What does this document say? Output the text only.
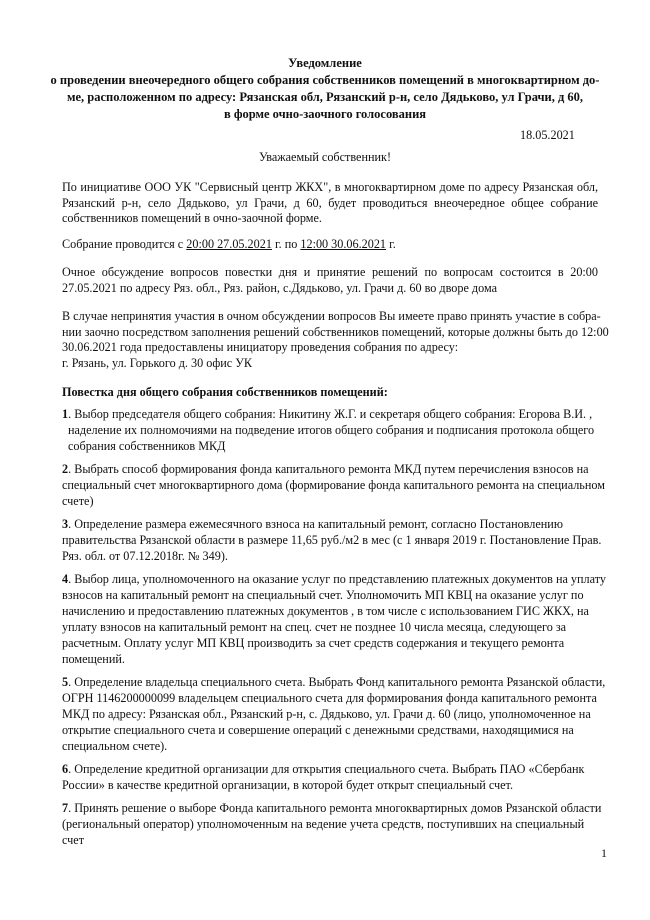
Уведомление
о проведении внеочередного общего собрания собственников помещений в многоквартирном до-
ме, расположенном по адресу: Рязанская обл, Рязанский р-н, село Дядьково, ул Грачи, д 60,
в форме очно-заочного голосования
18.05.2021
Уважаемый собственник!
По инициативе ООО УК "Сервисный центр ЖКХ", в многоквартирном доме по адресу Рязанская обл,
Рязанский р-н, село Дядьково, ул Грачи, д 60, будет проводиться внеочередное общее собрание
собственников помещений в очно-заочной форме.
Собрание проводится с 20:00 27.05.2021 г. по 12:00 30.06.2021 г.
Очное обсуждение вопросов повестки дня и принятие решений по вопросам состоится в 20:00
27.05.2021 по адресу Ряз. обл., Ряз. район, с.Дядьково, ул. Грачи д. 60 во дворе дома
В случае непринятия участия в очном обсуждении вопросов Вы имеете право принять участие в собра-
нии заочно посредством заполнения решений собственников помещений, которые должны быть до 12:00
30.06.2021 года предоставлены инициатору проведения собрания по адресу:
г. Рязань, ул. Горького д. 30 офис УК
Повестка дня общего собрания собственников помещений:
1. Выбор председателя общего собрания: Никитину Ж.Г. и секретаря общего собрания: Егорова В.И. ,
наделение их полномочиями на подведение итогов общего собрания и подписания протокола общего
собрания собственников МКД
2. Выбрать способ формирования фонда капитального ремонта МКД путем перечисления взносов на
специальный счет многоквартирного дома (формирование фонда капитального ремонта на специальном
счете)
3. Определение размера ежемесячного взноса на капитальный ремонт, согласно Постановлению
правительства Рязанской области в размере 11,65 руб./м2 в мес (с 1 января 2019 г. Постановление Прав.
Ряз. обл. от 07.12.2018г. № 349).
4. Выбор лица, уполномоченного на оказание услуг по представлению платежных документов на уплату
взносов на капитальный ремонт на специальный счет. Уполномочить МП КВЦ на оказание услуг по
начислению и предоставлению платежных документов , в том числе с использованием ГИС ЖКХ, на
уплату взносов на капитальный ремонт на спец. счет не позднее 10 числа месяца, следующего за
расчетным. Оплату услуг МП КВЦ производить за счет средств содержания и текущего ремонта
помещений.
5. Определение владельца специального счета. Выбрать Фонд капитального ремонта Рязанской области,
ОГРН 1146200000099 владельцем специального счета для формирования фонда капитального ремонта
МКД по адресу: Рязанская обл., Рязанский р-н, с. Дядьково, ул. Грачи д. 60 (лицо, уполномоченное на
открытие специального счета и совершение операций с денежными средствами, находящимися на
специальном счете).
6. Определение кредитной организации для открытия специального счета. Выбрать ПАО «Сбербанк
России» в качестве кредитной организации, в которой будет открыт специальный счет.
7. Принять решение о выборе Фонда капитального ремонта многоквартирных домов Рязанской области
(региональный оператор) уполномоченным на ведение учета средств, поступивших на специальный
счет
1
